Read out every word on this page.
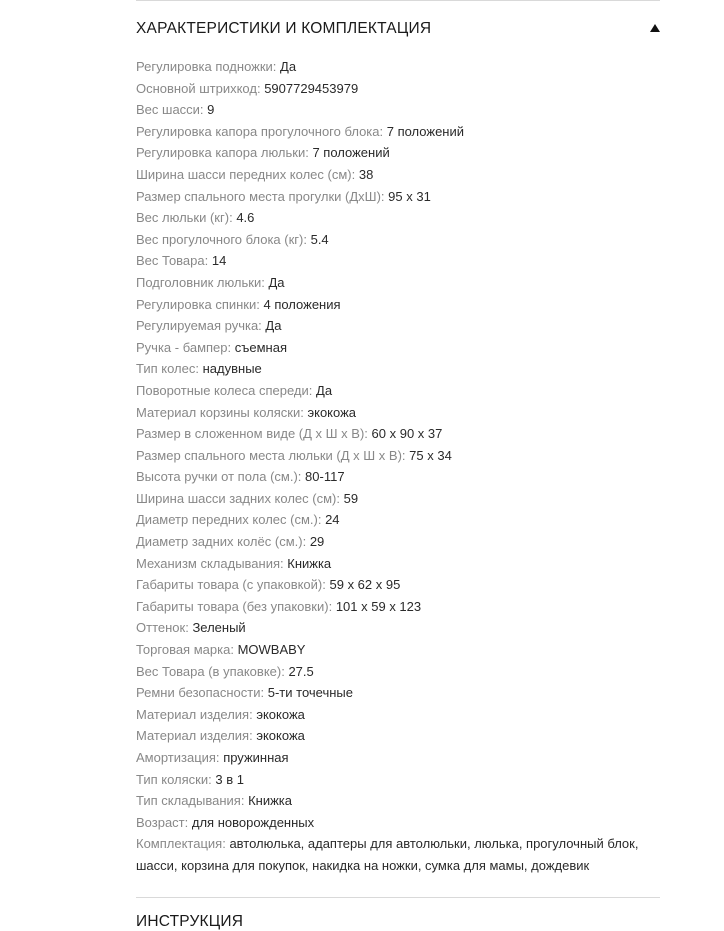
ХАРАКТЕРИСТИКИ И КОМПЛЕКТАЦИЯ
Регулировка подножки: Да
Основной штрихкод: 5907729453979
Вес шасси: 9
Регулировка капора прогулочного блока: 7 положений
Регулировка капора люльки: 7 положений
Ширина шасси передних колес (см): 38
Размер спального места прогулки (ДхШ): 95 х 31
Вес люльки (кг): 4.6
Вес прогулочного блока (кг): 5.4
Вес Товара: 14
Подголовник люльки: Да
Регулировка спинки: 4 положения
Регулируемая ручка: Да
Ручка - бампер: съемная
Тип колес: надувные
Поворотные колеса спереди: Да
Материал корзины коляски: экокожа
Размер в сложенном виде (Д х Ш х В): 60 х 90 х 37
Размер спального места люльки (Д х Ш х В): 75 х 34
Высота ручки от пола (см.): 80-117
Ширина шасси задних колес (см): 59
Диаметр передних колес (см.): 24
Диаметр задних колёс (см.): 29
Механизм складывания: Книжка
Габариты товара (с упаковкой): 59 х 62 х 95
Габариты товара (без упаковки): 101 х 59 х 123
Оттенок: Зеленый
Торговая марка: MOWBABY
Вес Товара (в упаковке): 27.5
Ремни безопасности: 5-ти точечные
Материал изделия: экокожа
Материал изделия: экокожа
Амортизация: пружинная
Тип коляски: 3 в 1
Тип складывания: Книжка
Возраст: для новорожденных
Комплектация: автолюлька, адаптеры для автолюльки, люлька, прогулочный блок, шасси, корзина для покупок, накидка на ножки, сумка для мамы, дождевик
ИНСТРУКЦИЯ
